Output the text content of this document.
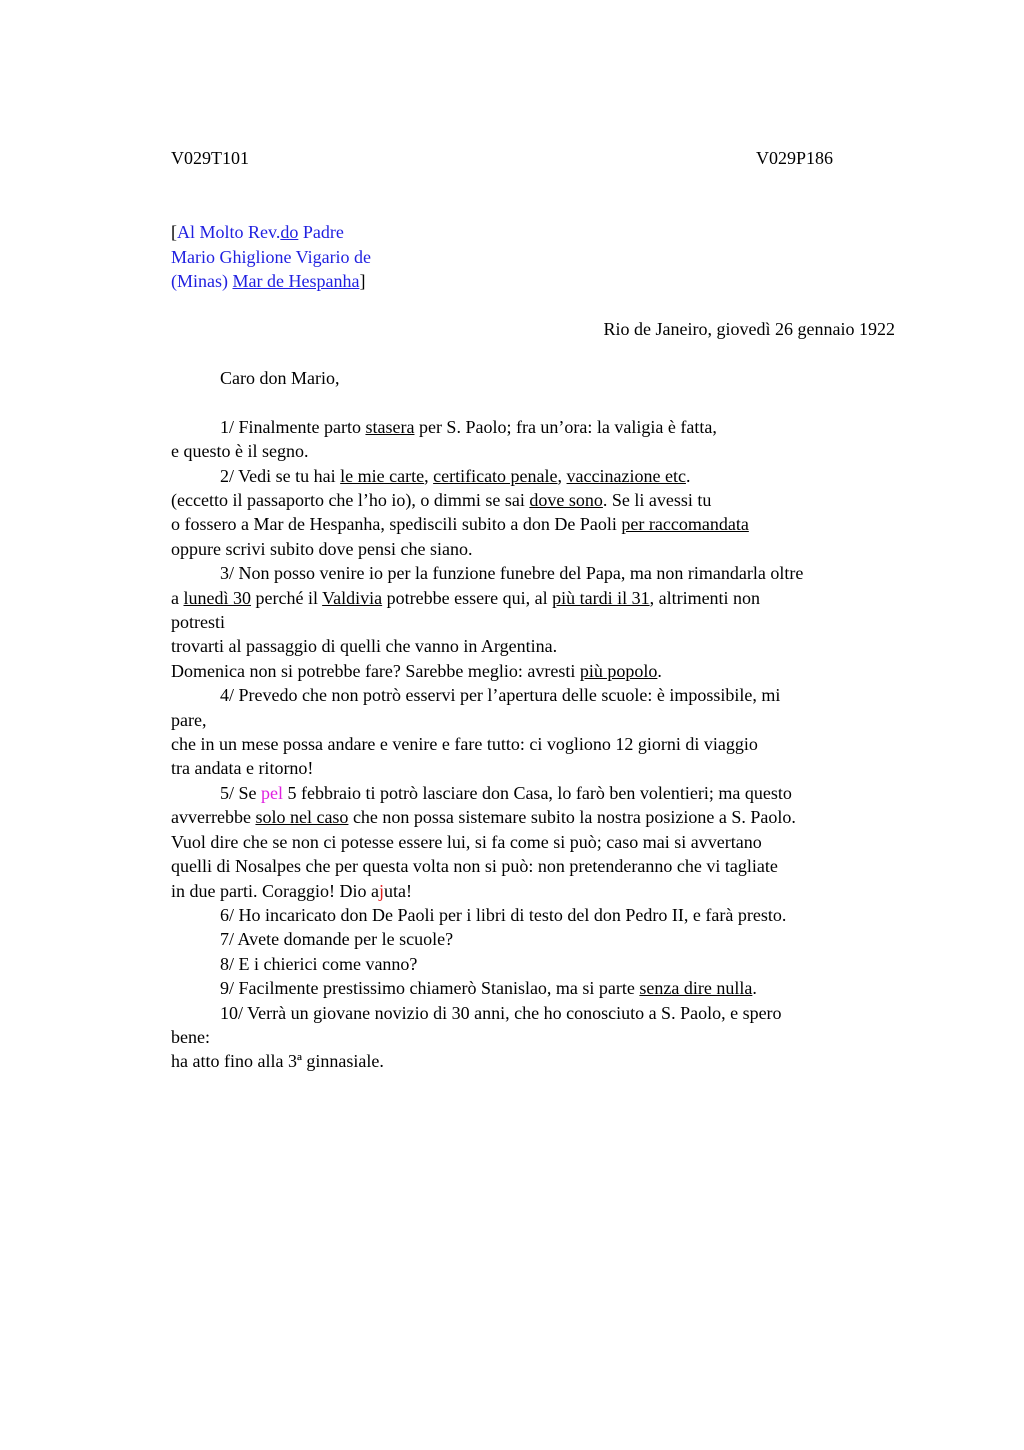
V029T101	V029P186
[Al Molto Rev.do Padre
Mario Ghiglione Vigario de
(Minas) Mar de Hespanha]
Rio de Janeiro, giovedì 26 gennaio 1922
Caro don Mario,
1/ Finalmente parto stasera per S. Paolo; fra un’ora: la valigia è fatta,
e questo è il segno.
2/ Vedi se tu hai le mie carte, certificato penale, vaccinazione etc.
(eccetto il passaporto che l’ho io), o dimmi se sai dove sono. Se li avessi tu
o fossero a Mar de Hespanha, spediscili subito a don De Paoli per raccomandata
oppure scrivi subito dove pensi che siano.
3/ Non posso venire io per la funzione funebre del Papa, ma non rimandarla oltre
a lunedì 30 perché il Valdivia potrebbe essere qui, al più tardi il 31, altrimenti non
potresti
trovarti al passaggio di quelli che vanno in Argentina.
Domenica non si potrebbe fare? Sarebbe meglio: avresti più popolo.
4/ Prevedo che non potrò esservi per l’apertura delle scuole: è impossibile, mi
pare,
che in un mese possa andare e venire e fare tutto: ci vogliono 12 giorni di viaggio
tra andata e ritorno!
5/ Se pel 5 febbraio ti potrò lasciare don Casa, lo farò ben volentieri; ma questo
avverrebbe solo nel caso che non possa sistemare subito la nostra posizione a S. Paolo.
Vuol dire che se non ci potesse essere lui, si fa come si può; caso mai si avvertano
quelli di Nosalpes che per questa volta non si può: non pretenderanno che vi tagliate
in due parti. Coraggio! Dio ajuta!
6/ Ho incaricato don De Paoli per i libri di testo del don Pedro II, e farà presto.
7/ Avete domande per le scuole?
8/ E i chierici come vanno?
9/ Facilmente prestissimo chiamerò Stanislao, ma si parte senza dire nulla.
10/ Verrà un giovane novizio di 30 anni, che ho conosciuto a S. Paolo, e spero
bene:
ha atto fino alla 3ª ginnasiale.
